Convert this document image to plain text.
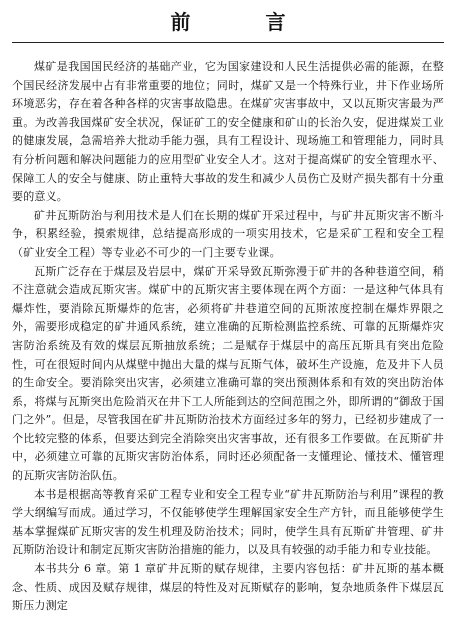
前 言

煤矿是我国国民经济的基础产业，它为国家建设和人民生活提供必需的能源，在整个国民经济发展中占有非常重要的地位；同时，煤矿又是一个特殊行业，井下作业场所环境恶劣，存在着各种各样的灾害事故隐患。在煤矿灾害事故中，又以瓦斯灾害最为严重。为改善我国煤矿安全状况，保证矿工的安全健康和矿山的长治久安，促进煤炭工业的健康发展，急需培养大批动手能力强，具有工程设计、现场施工和管理能力，同时具有分析问题和解决问题能力的应用型矿业安全人才。这对于提高煤矿的安全管理水平、保障工人的安全与健康、防止重特大事故的发生和减少人员伤亡及财产损失都有十分重要的意义。

矿井瓦斯防治与利用技术是人们在长期的煤矿开采过程中，与矿井瓦斯灾害不断斗争，积累经验，摸索规律，总结提高形成的一项实用技术，它是采矿工程和安全工程（矿业安全工程）等专业必不可少的一门主要专业课。

瓦斯广泛存在于煤层及岩层中，煤矿开采导致瓦斯弥漫于矿井的各种巷道空间，稍不注意就会造成瓦斯灾害。煤矿中的瓦斯灾害主要体现在两个方面：一是这种气体具有爆炸性，要消除瓦斯爆炸的危害，必须将矿井巷道空间的瓦斯浓度控制在爆炸界限之外，需要形成稳定的矿井通风系统，建立准确的瓦斯检测监控系统、可靠的瓦斯爆炸灾害防治系统及有效的煤层瓦斯抽放系统；二是赋存于煤层中的高压瓦斯具有突出危险性，可在很短时间内从煤壁中抛出大量的煤与瓦斯气体，破坏生产设施，危及井下人员的生命安全。要消除突出灾害，必须建立准确可靠的突出预测体系和有效的突出防治体系，将煤与瓦斯突出危险消灭在井下工人所能到达的空间范围之外，即所谓的“御敌于国门之外”。但是，尽管我国在矿井瓦斯防治技术方面经过多年的努力，已经初步建成了一个比较完整的体系，但要达到完全消除突出灾害事故，还有很多工作要做。在瓦斯矿井中，必须建立可靠的瓦斯灾害防治体系，同时还必须配备一支懂理论、懂技术、懂管理的瓦斯灾害防治队伍。

本书是根据高等教育采矿工程专业和安全工程专业“矿井瓦斯防治与利用”课程的教学大纲编写而成。通过学习，不仅能够使学生理解国家安全生产方针，而且能够使学生基本掌握煤矿瓦斯灾害的发生机理及防治技术；同时，使学生具有瓦斯矿井管理、矿井瓦斯防治设计和制定瓦斯灾害防治措施的能力，以及具有较强的动手能力和专业技能。

本书共分 6 章。第 1 章矿井瓦斯的赋存规律，主要内容包括：矿井瓦斯的基本概念、性质、成因及赋存规律，煤层的特性及对瓦斯赋存的影响，复杂地质条件下煤层瓦斯压力测定
